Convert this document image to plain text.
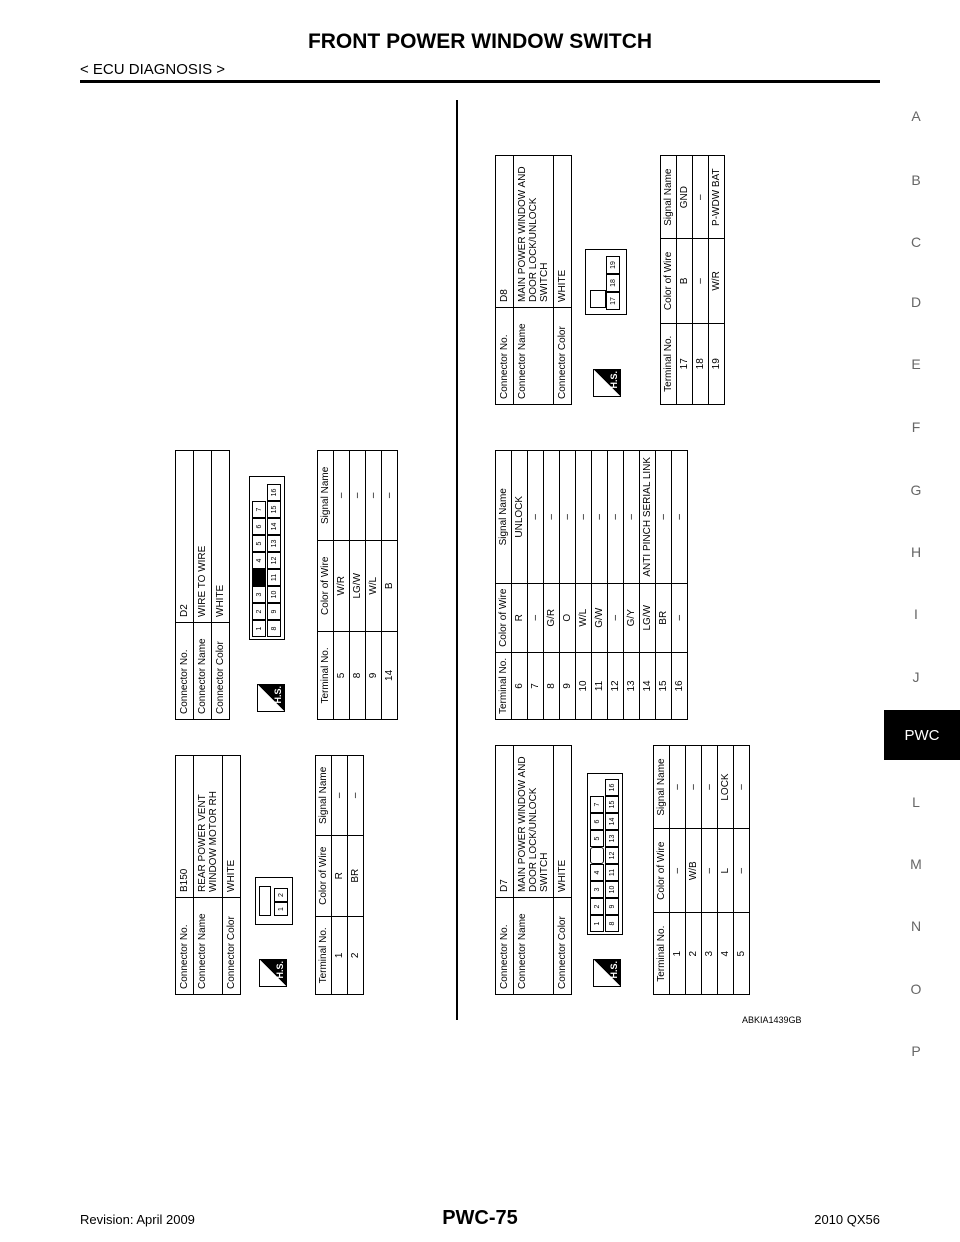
FRONT POWER WINDOW SWITCH
< ECU DIAGNOSIS >
A
B
C
D
E
F
G
H
I
J
PWC
L
M
N
O
P
Connector No.	B150
Connector Name	REAR POWER VENT WINDOW MOTOR RH
Connector Color	WHITE
H.S.
1
2
Terminal No.	Color of Wire	Signal Name
1	R	–
2	BR	–
Connector No.	D2
Connector Name	WIRE TO WIRE
Connector Color	WHITE
H.S.
1
2
3
4
5
6
7
8
9
10
11
12
13
14
15
16
Terminal No.	Color of Wire	Signal Name
5	W/R	–
8	LG/W	–
9	W/L	–
14	B	–
Connector No.	D7
Connector Name	MAIN POWER WINDOW AND DOOR LOCK/UNLOCK SWITCH
Connector Color	WHITE
H.S.
1
2
3
4
5
6
7
8
9
10
11
12
13
14
15
16
Terminal No.	Color of Wire	Signal Name
1	–	–
2	W/B	–
3	–	–
4	L	LOCK
5	–	–
Terminal No.	Color of Wire	Signal Name
6	R	UNLOCK
7	–	–
8	G/R	–
9	O	–
10	W/L	–
11	G/W	–
12	–	–
13	G/Y	–
14	LG/W	ANTI PINCH SERIAL LINK
15	BR	–
16	–	–
Connector No.	D8
Connector Name	MAIN POWER WINDOW AND DOOR LOCK/UNLOCK SWITCH
Connector Color	WHITE
H.S.
17
18
19
Terminal No.	Color of Wire	Signal Name
17	B	GND
18	–	–
19	W/R	P-WDW BAT
ABKIA1439GB
Revision: April 2009	PWC-75	2010 QX56
